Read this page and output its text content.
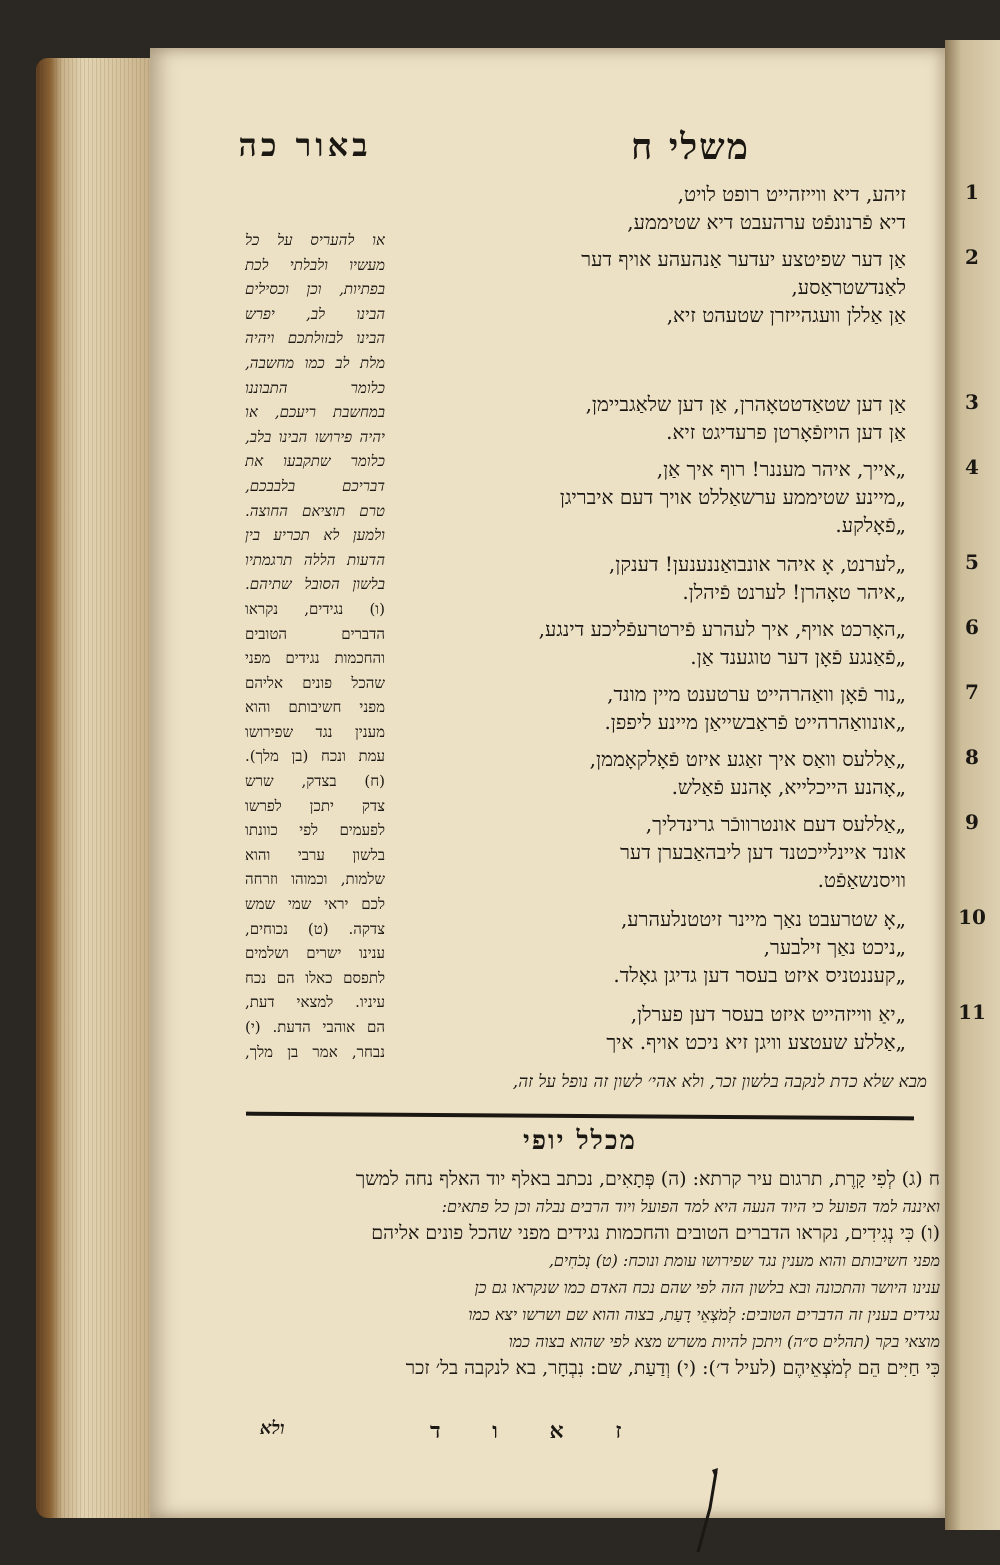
משלי ח
באור כה
או להעריס על כל
מעשיו ולבלתי לכת
בפתיות, וכן וכסילים
הבינו לב, יפרש
הבינו לבזולתכם ויהיה
מלת לב כמו מחשבה,
כלומר התבוננו
במחשבת ריעכם, או
יהיה פירושו הבינו בלב,
כלומר שתקבעו את
דבריכם בלבבכם,
טרם תוציאם החוצה.
ולמען לא תכריע בין
הדעות הללה תרגמתיו
בלשון הסובל שתיהם.
(ו) נגידים, נקראו
הדברים הטובים
והחכמות נגידים מפני
שהכל פונים אליהם
מפני חשיבותם והוא
מענין נגד שפירושו
עמת ונכח (בן מלך).
(ח) בצדק, שרש
צדק יתכן לפרשו
לפעמים לפי כוונתו
בלשון ערבי והוא
שלמות, וכמוהו וזרחה
לכם יראי שמי שמש
צדקה. (ט) נכוחים,
ענינו ישרים ושלמים
לתפסם כאלו הם נכח
עיניו. למצאי דעת,
הם אוהבי הדעת. (י)
נבחר, אמר בן מלך,
1
זיהע, דיא ווייזהייט רופט לויט,
דיא פֿרנונפֿט ערהעבט דיא שטיממע,
2
אַן דער שפיטצע יעדער אַנהעהע אויף דער
לאַנדשטראַסע,
אַן אַללן וועגהייזרן שטעהט זיא,
3
אַן דען שטאַדטטאָהרן, אַן דען שלאַגביימן,
אַן דען הויזפֿאָרטן פרעדיגט זיא.
4
„אייך, איהר מעננר! רוף איך אַן,
„מיינע שטיממע ערשאַללט אויך דעם איבריגן
„פֿאָלקע.
5
„לערנט, אָ איהר אונבואַננענען! דענקן,
„איהר טאָהרן! לערנט פֿיהלן.
6
„האָרכט אויף, איך לעהרע פֿירטרעפֿליכע דינגע,
„פֿאַנגע פֿאָן דער טוגענד אַן.
7
„נור פֿאָן וואַהרהייט ערטענט מיין מונד,
„אונוואַהרהייט פֿראַבשייאַן מיינע ליפפן.
8
„אַללעס וואַס איך זאַגע איזט פֿאָלקאָממן,
„אָהנע הייכלייא, אָהנע פֿאַלש.
9
„אַללעס דעם אונטרווכֿר גרינדליך,
אונד איינלייכטנד דען ליבהאַבערן דער
וויסנשאַפֿט.
10
„אָ שטרעבט נאַך מיינר זיטטנלעהרע,
„ניכט נאַך זילבער,
„קעננטניס איזט בעסר דען גדיגן גאָלד.
11
„יאַ ווייזהייט איזט בעסר דען פערלן,
„אַללע שעטצע וויגן זיא ניכט אויף. איך
מבא שלא כדת לנקבה בלשון זכר, ולא אהי׳ לשון זה נופל על זה,
מכלל יופי
ח (ג) לְפִי קָרֶת, תרגום עיר קרתא: (ה) פְּתָאִים, נכתב באלף יוד האלף נחה למשך
ואיננה למד הפועל כי היוד הנעה היא למד הפועל ויוד הרבים נבלה וכן כל פתאים:
(ו) כִּי נְגִידִים, נקראו הדברים הטובים והחכמות נגידים מפני שהכל פונים אליהם
מפני חשיבותם והוא מענין נגד שפירושו עומת ונוכח: (ט) נְכֹחִים,
ענינו היושר והתכונה ובא בלשון הזה לפי שהם נכח האדם כמו שנקראו גם כן
נגידים בענין זה הדברים הטובים: לְמֹצְאֵי דָעַת, בצוה והוא שם ושרשו יצא כמו
מוצאי בקר (תהלים ס״ה) ויתכן להיות משרש מצא לפי שהוא בצוה כמו
כִּי חַיִּים הֵם לְמֹצְאֵיהֶם (לעיל ד׳): (י) וְדַעַת, שם: נִבְחָר, בא לנקבה בל׳ זכר
ז א ו ד
ולא
